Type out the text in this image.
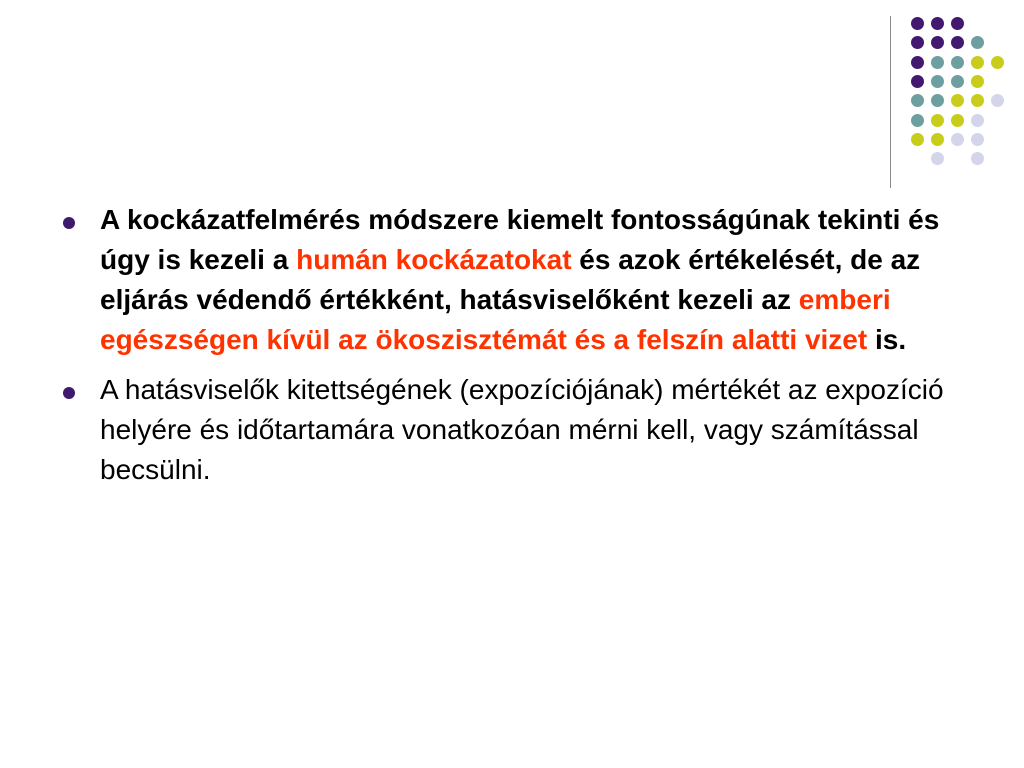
A kockázatfelmérés módszere kiemelt fontosságúnak tekinti és úgy is kezeli a humán kockázatokat és azok értékelését, de az eljárás védendő értékként, hatásviselőként kezeli az emberi egészségen kívül az ökoszisztémát és a felszín alatti vizet is.
A hatásviselők kitettségének (expozíciójának) mértékét az expozíció helyére és időtartamára vonatkozóan mérni kell, vagy számítással becsülni.
